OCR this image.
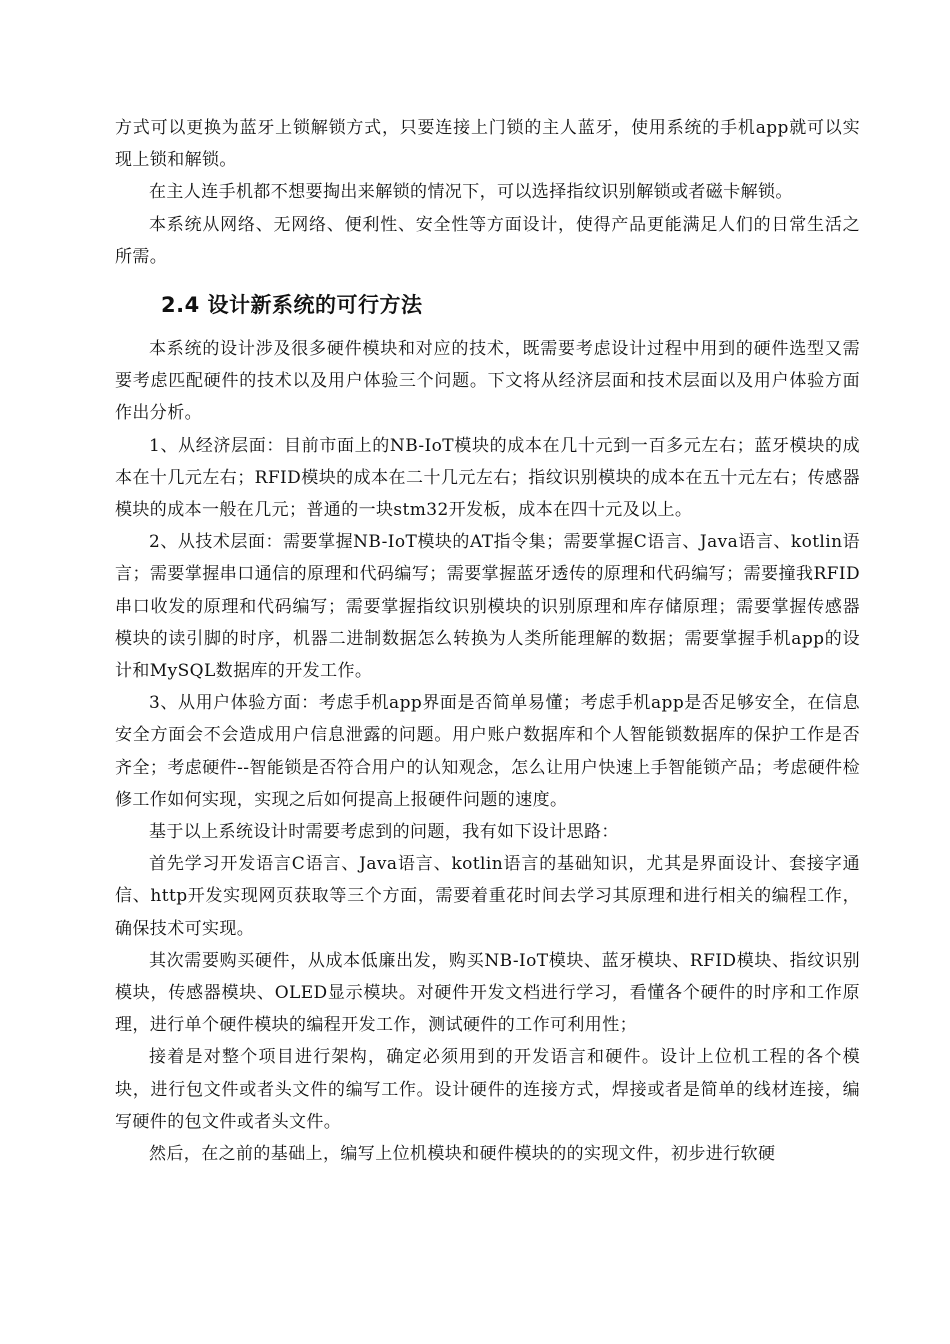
方式可以更换为蓝牙上锁解锁方式，只要连接上门锁的主人蓝牙，使用系统的手机app就可以实现上锁和解锁。

在主人连手机都不想要掏出来解锁的情况下，可以选择指纹识别解锁或者磁卡解锁。

本系统从网络、无网络、便利性、安全性等方面设计，使得产品更能满足人们的日常生活之所需。

2.4 设计新系统的可行方法

本系统的设计涉及很多硬件模块和对应的技术，既需要考虑设计过程中用到的硬件选型又需要考虑匹配硬件的技术以及用户体验三个问题。下文将从经济层面和技术层面以及用户体验方面作出分析。

1、从经济层面：目前市面上的NB-IoT模块的成本在几十元到一百多元左右；蓝牙模块的成本在十几元左右；RFID模块的成本在二十几元左右；指纹识别模块的成本在五十元左右；传感器模块的成本一般在几元；普通的一块stm32开发板，成本在四十元及以上。

2、从技术层面：需要掌握NB-IoT模块的AT指令集；需要掌握C语言、Java语言、kotlin语言；需要掌握串口通信的原理和代码编写；需要掌握蓝牙透传的原理和代码编写；需要撞我RFID串口收发的原理和代码编写；需要掌握指纹识别模块的识别原理和库存储原理；需要掌握传感器模块的读引脚的时序，机器二进制数据怎么转换为人类所能理解的数据；需要掌握手机app的设计和MySQL数据库的开发工作。

3、从用户体验方面：考虑手机app界面是否简单易懂；考虑手机app是否足够安全，在信息安全方面会不会造成用户信息泄露的问题。用户账户数据库和个人智能锁数据库的保护工作是否齐全；考虑硬件--智能锁是否符合用户的认知观念，怎么让用户快速上手智能锁产品；考虑硬件检修工作如何实现，实现之后如何提高上报硬件问题的速度。

基于以上系统设计时需要考虑到的问题，我有如下设计思路：

首先学习开发语言C语言、Java语言、kotlin语言的基础知识，尤其是界面设计、套接字通信、http开发实现网页获取等三个方面，需要着重花时间去学习其原理和进行相关的编程工作，确保技术可实现。

其次需要购买硬件，从成本低廉出发，购买NB-IoT模块、蓝牙模块、RFID模块、指纹识别模块，传感器模块、OLED显示模块。对硬件开发文档进行学习，看懂各个硬件的时序和工作原理，进行单个硬件模块的编程开发工作，测试硬件的工作可利用性；

接着是对整个项目进行架构，确定必须用到的开发语言和硬件。设计上位机工程的各个模块，进行包文件或者头文件的编写工作。设计硬件的连接方式，焊接或者是简单的线材连接，编写硬件的包文件或者头文件。

然后，在之前的基础上，编写上位机模块和硬件模块的的实现文件，初步进行软硬
